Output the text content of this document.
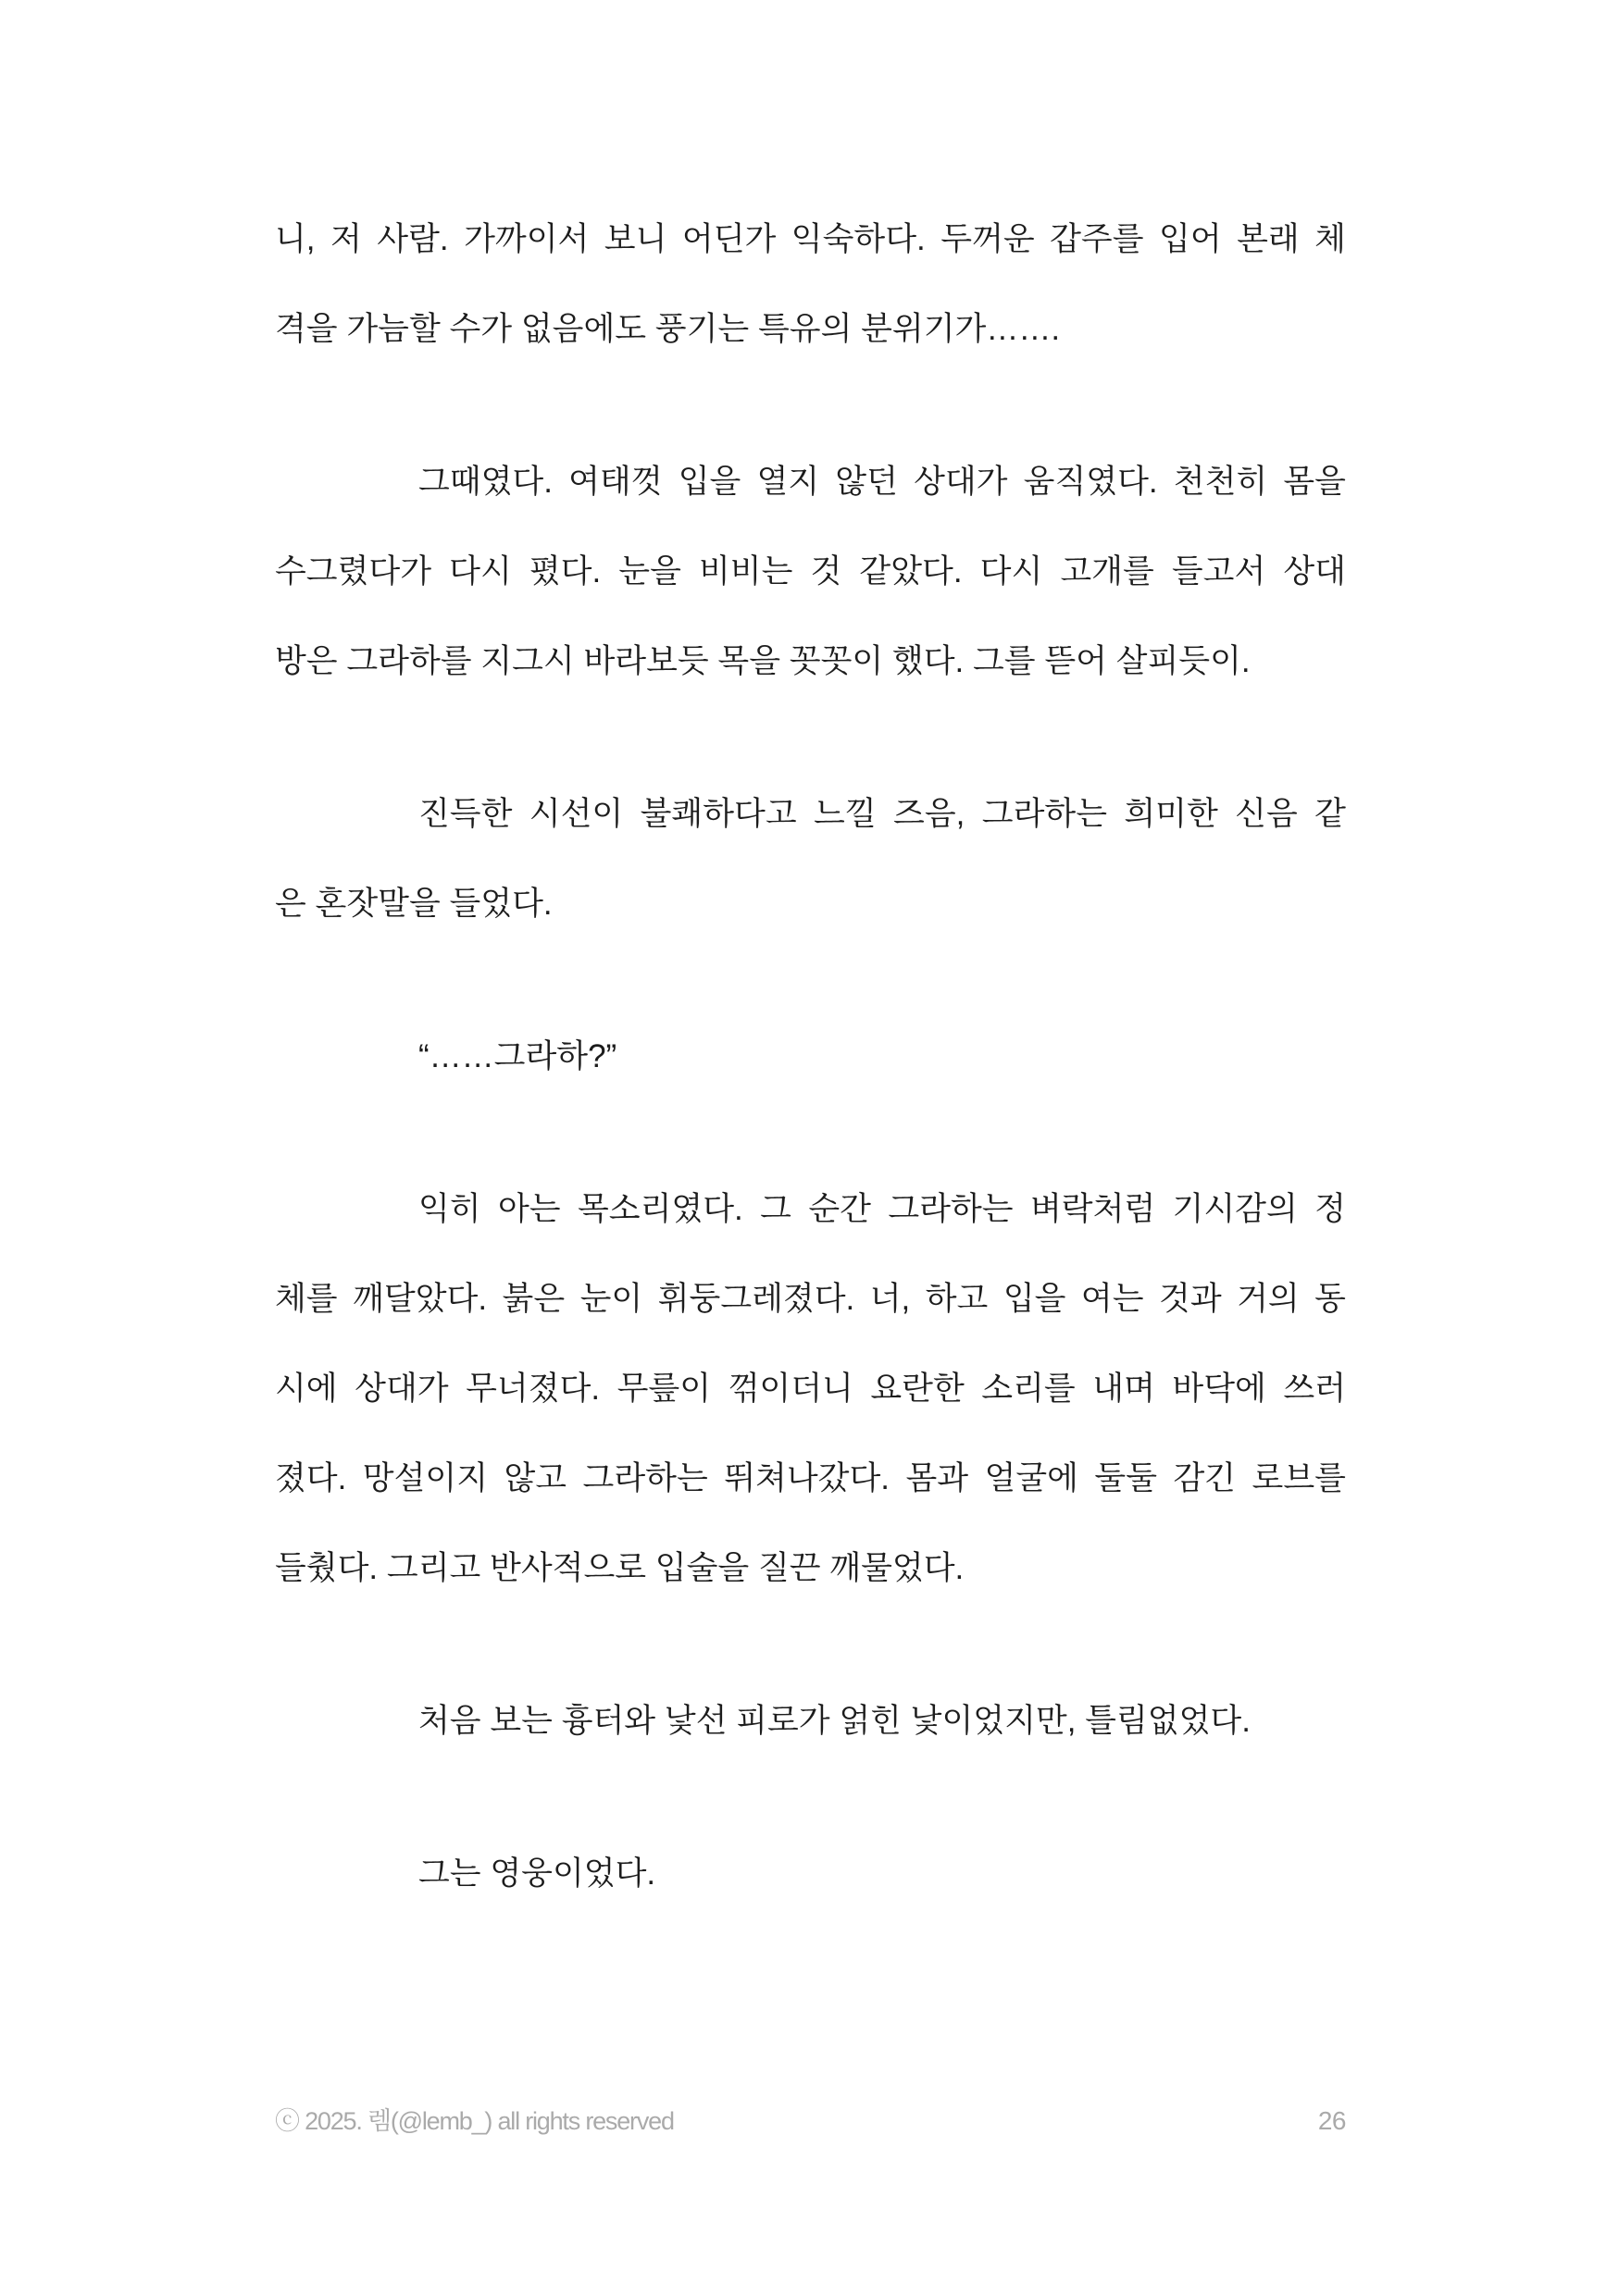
니, 저 사람. 가까이서 보니 어딘가 익숙하다. 두꺼운 갑주를 입어 본래 체
격을 가늠할 수가 없음에도 풍기는 특유의 분위기가…….
그때였다. 여태껏 입을 열지 않던 상대가 움직였다. 천천히 몸을
수그렸다가 다시 폈다. 눈을 비비는 것 같았다. 다시 고개를 들고서 상대
방은 그라하를 지그시 바라보듯 목을 꼿꼿이 했다. 그를 뜯어 살피듯이.
진득한 시선이 불쾌하다고 느낄 즈음, 그라하는 희미한 신음 같
은 혼잣말을 들었다.
“……그라하?”
익히 아는 목소리였다. 그 순간 그라하는 벼락처럼 기시감의 정
체를 깨달았다. 붉은 눈이 휘둥그레졌다. 너, 하고 입을 여는 것과 거의 동
시에 상대가 무너졌다. 무릎이 꺾이더니 요란한 소리를 내며 바닥에 쓰러
졌다. 망설이지 않고 그라하는 뛰쳐나갔다. 몸과 얼굴에 둘둘 감긴 로브를
들췄다. 그리고 반사적으로 입술을 질끈 깨물었다.
처음 보는 흉터와 낯선 피로가 얽힌 낯이었지만, 틀림없었다.
그는 영웅이었다.
ⓒ 2025. 렘(@lemb_) all rights reserved	26
